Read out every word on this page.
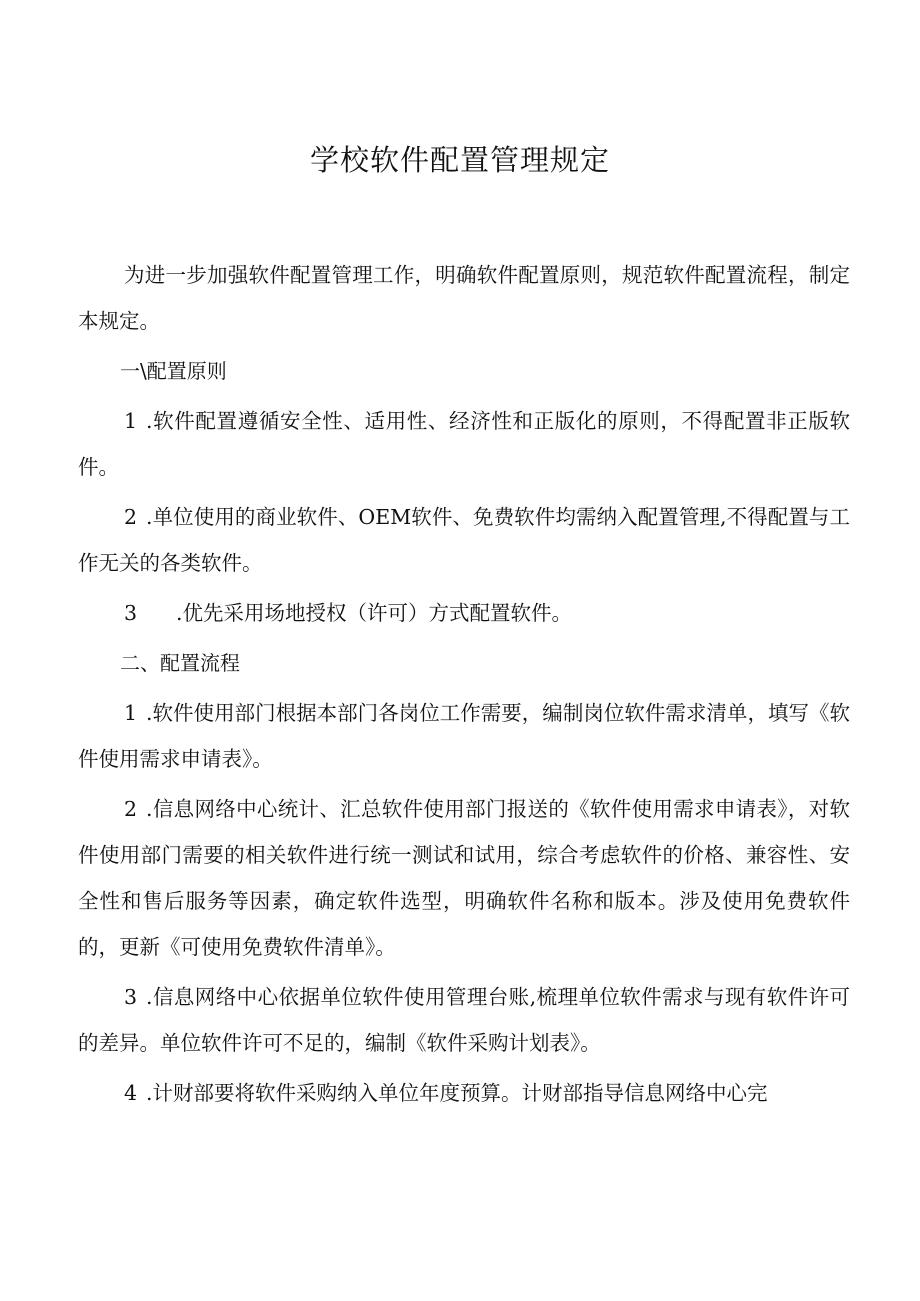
学校软件配置管理规定

为进一步加强软件配置管理工作，明确软件配置原则，规范软件配置流程，制定本规定。

一\配置原则

1 .软件配置遵循安全性、适用性、经济性和正版化的原则，不得配置非正版软件。

2 .单位使用的商业软件、OEM软件、免费软件均需纳入配置管理,不得配置与工作无关的各类软件。

3 .优先采用场地授权（许可）方式配置软件。

二、配置流程

1 .软件使用部门根据本部门各岗位工作需要，编制岗位软件需求清单，填写《软件使用需求申请表》。

2 .信息网络中心统计、汇总软件使用部门报送的《软件使用需求申请表》，对软件使用部门需要的相关软件进行统一测试和试用，综合考虑软件的价格、兼容性、安全性和售后服务等因素，确定软件选型，明确软件名称和版本。涉及使用免费软件的，更新《可使用免费软件清单》。

3 .信息网络中心依据单位软件使用管理台账,梳理单位软件需求与现有软件许可的差异。单位软件许可不足的，编制《软件采购计划表》。

4 .计财部要将软件采购纳入单位年度预算。计财部指导信息网络中心完
